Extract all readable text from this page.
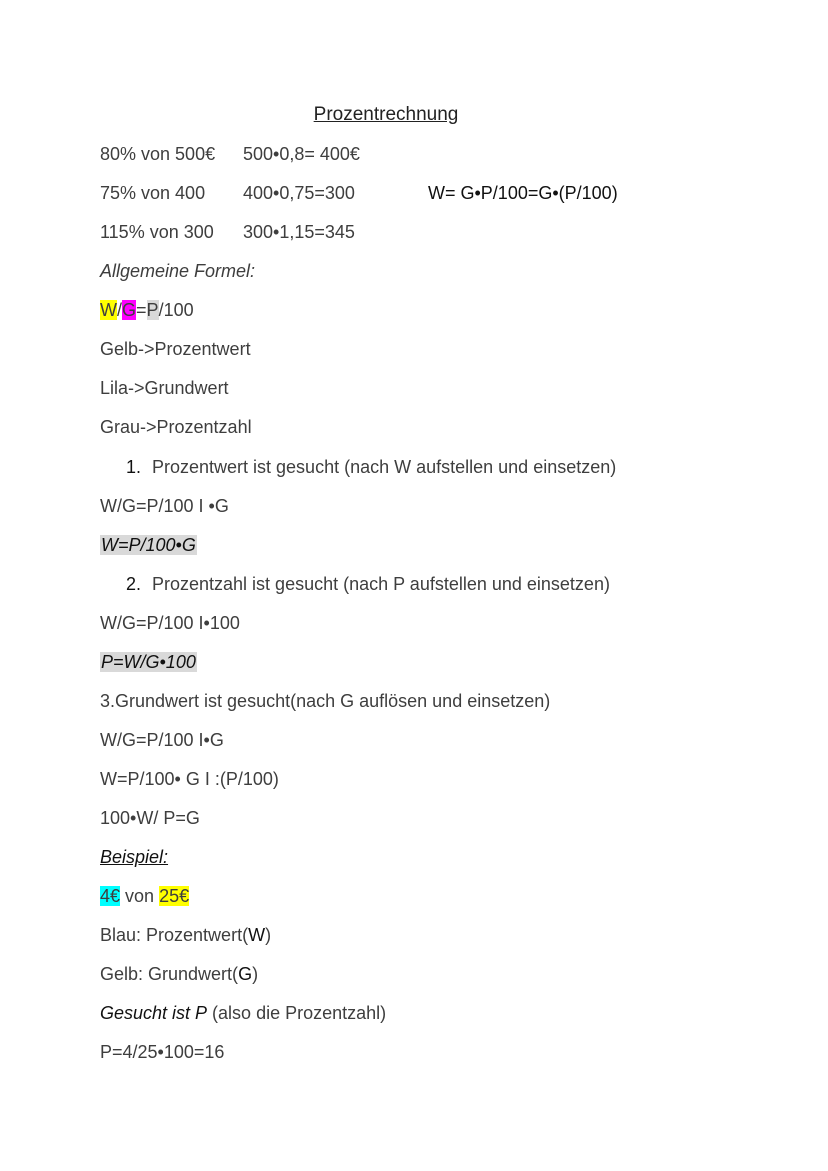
Prozentrechnung
80% von 500€ 500•0,8= 400€
75% von 400 400•0,75=300	W= G•P/100=G•(P/100)
115% von 300 300•1,15=345
Allgemeine Formel:
W/G=P/100
Gelb->Prozentwert
Lila->Grundwert
Grau->Prozentzahl
1. Prozentwert ist gesucht (nach W aufstellen und einsetzen)
W/G=P/100 I •G
W=P/100•G
2. Prozentzahl ist gesucht (nach P aufstellen und einsetzen)
W/G=P/100 I•100
P=W/G•100
3.Grundwert ist gesucht(nach G auflösen und einsetzen)
W/G=P/100 I•G
W=P/100• G I :(P/100)
100•W/ P=G
Beispiel:
4€ von 25€
Blau: Prozentwert(W)
Gelb: Grundwert(G)
Gesucht ist P (also die Prozentzahl)
P=4/25•100=16
